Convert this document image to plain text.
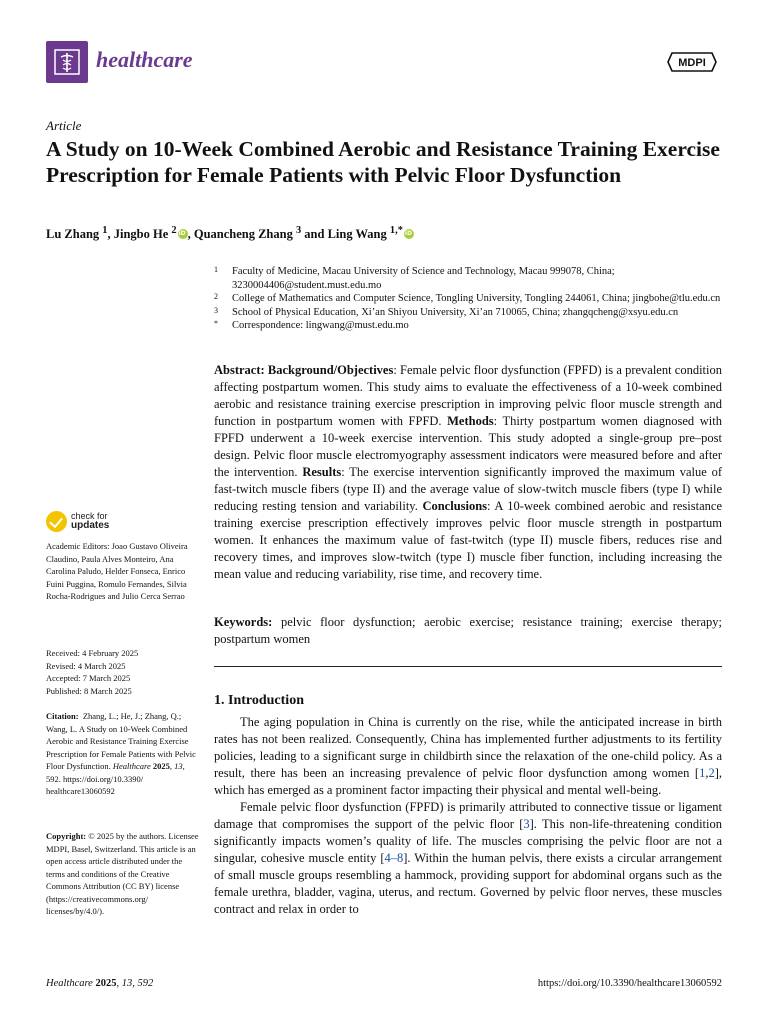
healthcare	MDPI
Article
A Study on 10-Week Combined Aerobic and Resistance Training Exercise Prescription for Female Patients with Pelvic Floor Dysfunction
Lu Zhang $^1$, Jingbo He $^2$iD , Quancheng Zhang $^3$ and Ling Wang $^{1,*}$iD
1 Faculty of Medicine, Macau University of Science and Technology, Macau 999078, China; 3230004406@student.must.edu.mo
2 College of Mathematics and Computer Science, Tongling University, Tongling 244061, China; jingbohe@tlu.edu.cn
3 School of Physical Education, Xi’an Shiyou University, Xi’an 710065, China; zhangqcheng@xsyu.edu.cn
* Correspondence: lingwang@must.edu.mo
Abstract: Background/Objectives: Female pelvic floor dysfunction (FPFD) is a prevalent condition affecting postpartum women. This study aims to evaluate the effectiveness of a 10-week combined aerobic and resistance training exercise prescription in improving pelvic floor muscle strength and function in postpartum women with FPFD. Methods: Thirty postpartum women diagnosed with FPFD underwent a 10-week exercise intervention. This study adopted a single-group pre–post design. Pelvic floor muscle electromyography assessment indicators were measured before and after the intervention. Results: The exercise intervention significantly improved the maximum value of fast-twitch muscle fibers (type II) and the average value of slow-twitch muscle fibers (type I) while reducing resting tension and variability. Conclusions: A 10-week combined aerobic and resistance training exercise prescription effectively improves pelvic floor muscle strength in postpartum women. It enhances the maximum value of fast-twitch (type II) muscle fibers, reduces rise and recovery times, and improves slow-twitch (type I) muscle fiber function, including increasing the mean value and reducing variability, rise time, and recovery time.
Keywords: pelvic floor dysfunction; aerobic exercise; resistance training; exercise therapy; postpartum women
1. Introduction

The aging population in China is currently on the rise, while the anticipated increase in birth rates has not been realized. Consequently, China has implemented further adjustments to its fertility policies, leading to a significant surge in childbirth since the relaxation of the one-child policy. As a result, there has been an increasing prevalence of pelvic floor dysfunction among women [1,2], which has emerged as a prominent factor impacting their physical and mental well-being.

Female pelvic floor dysfunction (FPFD) is primarily attributed to connective tissue or ligament damage that compromises the support of the pelvic floor [3]. This non-life-threatening condition significantly impacts women’s quality of life. The muscles comprising the pelvic floor are not a singular, cohesive muscle entity [4–8]. Within the human pelvis, there exists a circular arrangement of small muscle groups resembling a hammock, providing support for abdominal organs such as the female urethra, bladder, vagina, uterus, and rectum. Governed by pelvic floor nerves, these muscles contract and relax in order to

check for
updates
Academic Editors: Joao Gustavo Oliveira Claudino, Paula Alves Monteiro, Ana Carolina Paludo, Helder Fonseca, Enrico Fuini Puggina, Romulo Fernandes, Silvia Rocha-Rodrigues and Julio Cerca Serrao
Received: 4 February 2025
Revised: 4 March 2025
Accepted: 7 March 2025
Published: 8 March 2025
Citation: Zhang, L.; He, J.; Zhang, Q.; Wang, L. A Study on 10-Week Combined Aerobic and Resistance Training Exercise Prescription for Female Patients with Pelvic Floor Dysfunction. Healthcare 2025, 13, 592. https://doi.org/10.3390/ healthcare13060592
Copyright: © 2025 by the authors. Licensee MDPI, Basel, Switzerland. This article is an open access article distributed under the terms and conditions of the Creative Commons Attribution (CC BY) license (https://creativecommons.org/ licenses/by/4.0/).
Healthcare 2025, 13, 592	https://doi.org/10.3390/healthcare13060592
